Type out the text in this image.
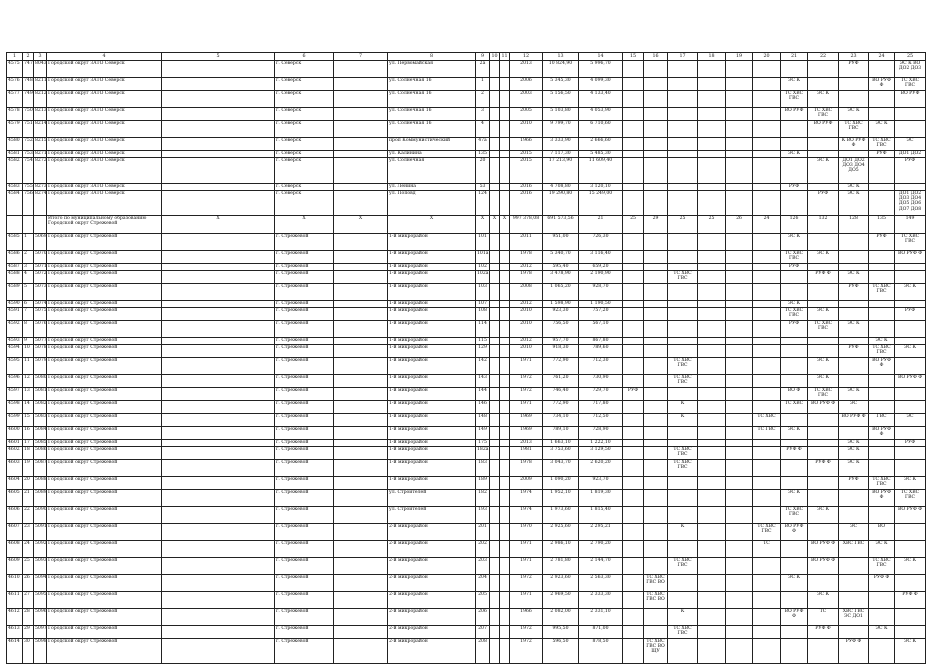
1	2	3	4	5	6	7	8	9	10	11	12	13	14	15	16	17	18	19	20	21	22	23	24	25
4575	747	8043	Городской округ ЗАТО Северск		г. Северск		ул. Первомайская	2а			2013	10 824,90	5 996,70									РУФ		ЭС К ВО ДО2 ДО3
4576	748	8211	Городской округ ЗАТО Северск		г. Северск		ул. Солнечная 16	1			2006	5 345,30	4 099,30							ЭС К			ВО РУФ Ф	ТС ХВС ГВС
4577	749	8212	Городской округ ЗАТО Северск		г. Северск		ул. Солнечная 16	2			2003	5 156,50	4 133,40							ТС ХВС ГВС	ЭС К			ВО РУФ
4578	750	8213	Городской округ ЗАТО Северск		г. Северск		ул. Солнечная 16	3			2005	5 103,80	4 053,90							ВО РУФ	ТС ХВС ГВС	ЭС К		
4579	751	8214	Городской округ ЗАТО Северск		г. Северск		ул. Солнечная 16	4			2010	9 799,70	6 710,60								ВО РУФ	ТС ХВС ГВС	ЭС К	
4580	752	8215	Городской округ ЗАТО Северск		г. Северск		проп Коммунистический	47а			1966	3 333,90	2 666,60									К ВО РУФ Ф	ТС ХВС ГВС	ЭС
4581	753	8271	Городской округ ЗАТО Северск		г. Северск		ул. Калинина	135			2015	7 117,30	5 485,30							ЭС К			РУФ	ДО1 ДО2
4582	754	8272	Городской округ ЗАТО Северск		г. Северск		ул. Солнечная	20			2015	17 213,90	11 609,40								ЭС К	ДО1 ДО2 ДО3 ДО4 ДО5		РУФ
4583	755	8273	Городской округ ЗАТО Северск		г. Северск		ул. Ленина	53			2016	4 708,80	3 120,10							РУФ		ЭС К		
4584	756	8274	Городской округ ЗАТО Северск		г. Северск		ул. Поповд	124			2016	19 290,80	15 249,00								РУФ	ЭС К		ДО1 ДО2 ДО3 ДО4 ДО5 ДО6 ДО7 ДО8
			Итого по муниципальному образованию Городской округ Стрежевой	X	X	X	X	X	X	X	997 378,08	691 573,56	21	25	29	25	25	26	24	126	132	128	135	149
4585	1	5069	Городской округ Стрежевой		г. Стрежевой		1-й микрорайон	101			2011	951,00	726,30							ЭС К			РУФ	ТС ХВС ГВС
4586	2	5070	Городской округ Стрежевой		г. Стрежевой		1-й микрорайон	101а			1978	5 340,70	3 116,40							ТС ХВС ГВС	ЭС К			ВО РУФ Ф
4587	3	5071	Городской округ Стрежевой		г. Стрежевой		1-й микрорайон	102			2012	595,40	659,20							РУФ				
4588	4	5072	Городской округ Стрежевой		г. Стрежевой		1-й микрорайон	102а			1978	3 478,90	2 190,90			ТС ХВС ГВС					РУФ Ф	ЭС К		
4589	5	5073	Городской округ Стрежевой		г. Стрежевой		1-й микрорайон	103			2008	1 065,20	928,70									РУФ	ТС ХВС ГВС	ЭС К
4590	6	5074	Городской округ Стрежевой		г. Стрежевой		1-й микрорайон	107			2012	1 598,90	1 190,50							ЭС К				
4591	7	5075	Городской округ Стрежевой		г. Стрежевой		1-й микрорайон	108			2010	923,30	757,20							ТС ХВС ГВС	ЭС К			РУФ
4592	8	5076	Городской округ Стрежевой		г. Стрежевой		1-й микрорайон	114			2010	756,50	567,10							РУФ	ТС ХВС ГВС	ЭС К		
4593	9	5077	Городской округ Стрежевой		г. Стрежевой		1-й микрорайон	115			2012	957,70	867,80										ЭС К	
4594	10	5078	Городской округ Стрежевой		г. Стрежевой		1-й микрорайон	129			2010	918,30	789,60									РУФ	ТС ХВС ГВС	ЭС К
4595	11	5079	Городской округ Стрежевой		г. Стрежевой		1-й микрорайон	142			1971	772,90	712,30			ТС ХВС ГВС					ЭС К		ВО РУФ Ф	
4596	12	5080	Городской округ Стрежевой		г. Стрежевой		1-й микрорайон	143			1972	761,20	730,90			ТС ХВС ГВС					ЭС К			ВО РУФ Ф
4597	13	5081	Городской округ Стрежевой		г. Стрежевой		1-й микрорайон	144			1972	746,40	729,70	РУФ						ВО Ф	ТС ХВС ГВС	ЭС К		
4598	14	5082	Городской округ Стрежевой		г. Стрежевой		1-й микрорайон	146			1971	772,90	717,80			К				ТС ХВС	ВО РУФ Ф	ЭС		
4599	15	5083	Городской округ Стрежевой		г. Стрежевой		1-й микрорайон	148			1969	734,10	712,50			К			ТС ХВС			ВО РУФ Ф	ГВС	ЭС
4600	16	5084	Городской округ Стрежевой		г. Стрежевой		1-й микрорайон	149			1969	789,10	728,90						ТС ГВС	ЭС К			ВО РУФ Ф	
4601	17	5085	Городской округ Стрежевой		г. Стрежевой		1-й микрорайон	175			2013	1 663,10	1 222,10									ЭС К		РУФ
4602	18	5086	Городской округ Стрежевой		г. Стрежевой		1-й микрорайон	182а			1981	3 753,60	3 129,50			ТС ХВС ГВС				РУФ Ф		ЭС К		
4603	19	5087	Городской округ Стрежевой		г. Стрежевой		1-й микрорайон	183			1978	3 043,70	2 620,20			ТС ХВС ГВС					РУФ Ф	ЭС К		
4604	20	5088	Городской округ Стрежевой		г. Стрежевой		1-й микрорайон	189			2009	1 090,20	923,70									РУФ	ТС ХВС ГВС	ЭС К
4605	21	5089	Городской округ Стрежевой		г. Стрежевой		ул. Строителей	182			1974	1 952,10	1 819,30							ЭС К			ВО РУФ Ф	ТС ХВС ГВС
4606	22	5090	Городской округ Стрежевой		г. Стрежевой		ул. Строителей	193			1974	1 973,60	1 815,40							ТС ХВС ГВС	ЭС К			ВО РУФ Ф
4607	23	5091	Городской округ Стрежевой		г. Стрежевой		2-й микрорайон	201			1970	2 925,60	2 295,21			К			ТС ХВС ГВС	ВО РУФ Ф		ЭС	ВО	
4608	24	5092	Городской округ Стрежевой		г. Стрежевой		2-й микрорайон	202			1971	2 986,10	2 790,20						ТС		ВО РУФ Ф	ХВС ГВС	ЭС К	
4609	25	5093	Городской округ Стрежевой		г. Стрежевой		2-й микрорайон	203			1971	2 781,80	2 144,70			ТС ХВС ГВС					ВО РУФ Ф		ТС ХВС ГВС	ЭС К
4610	26	5094	Городской округ Стрежевой		г. Стрежевой		2-й микрорайон	204			1972	2 923,60	2 563,30		ТС ХВС ГВС ВО					ЭС К			РУФ Ф	
4611	27	5095	Городской округ Стрежевой		г. Стрежевой		2-й микрорайон	205			1971	2 969,50	2 333,30		ТС ХВС ГВС ВО						ЭС К			РУФ Ф
4612	28	5096	Городской округ Стрежевой		г. Стрежевой		2-й микрорайон	206			1966	2 082,00	2 331,10			К				ВО РУФ Ф	ТС	ХВС ГВС ЭС ДО1		
4613	29	5097	Городской округ Стрежевой		г. Стрежевой		2-й микрорайон	207			1972	995,50	871,00			ТС ХВС ГВС					РУФ Ф		ЭС К	
4614	30	5098	Городской округ Стрежевой		г. Стрежевой		2-й микрорайон	208			1972	596,50	878,50		ТС ХВС ГВС ВО ЩУ							РУФ Ф		ЭС К
